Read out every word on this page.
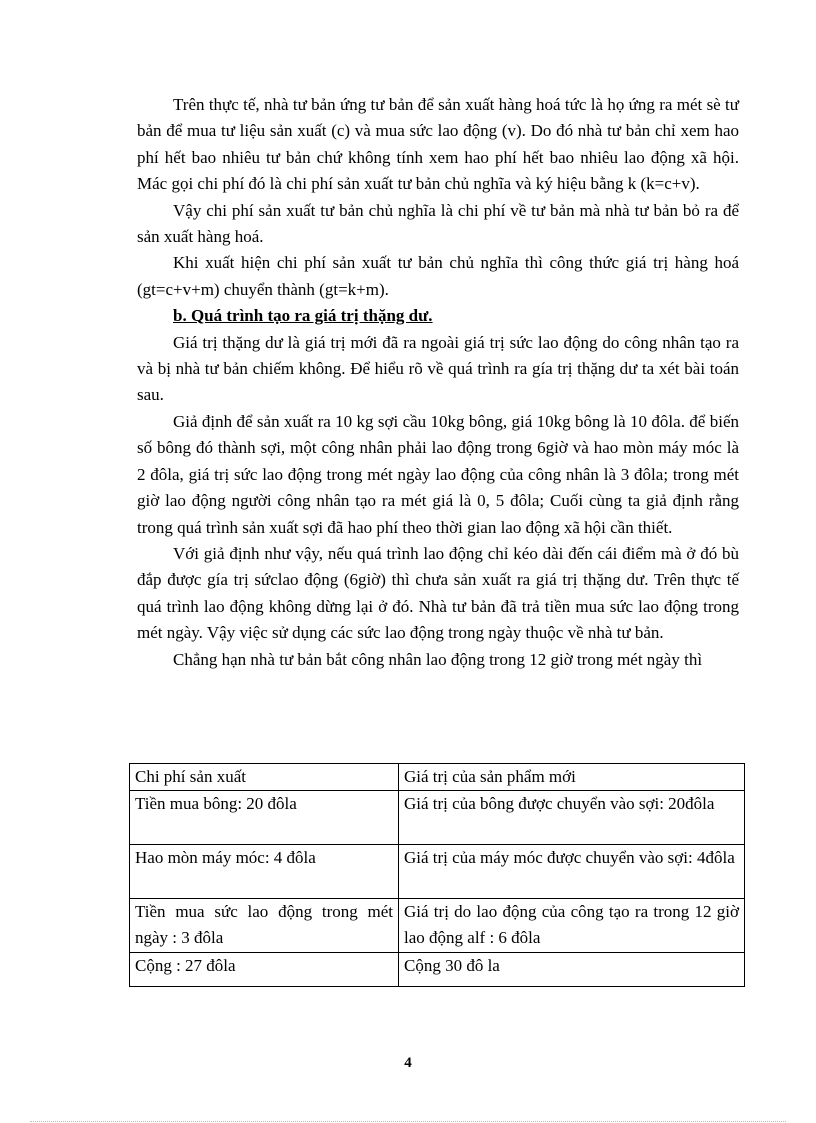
Trên thực tế, nhà tư bản ứng tư bản để sản xuất hàng hoá tức là họ ứng ra mét sè tư bản để mua tư liệu sản xuất (c) và mua sức lao động (v). Do đó nhà tư bản chỉ xem hao phí hết bao nhiêu tư bản chứ không tính xem hao phí hết bao nhiêu lao động xã hội. Mác gọi chi phí đó là chi phí sản xuất tư bản chủ nghĩa và ký hiệu bằng k (k=c+v).

Vậy chi phí sản xuất tư bản chủ nghĩa là chi phí về tư bản mà nhà tư bản bỏ ra để sản xuất hàng hoá.

Khi xuất hiện chi phí sản xuất tư bản chủ nghĩa thì công thức giá trị hàng hoá (gt=c+v+m) chuyển thành (gt=k+m).

b. Quá trình tạo ra giá trị thặng dư.

Giá trị thặng dư là giá trị mới đã ra ngoài giá trị sức lao động do công nhân tạo ra và bị nhà tư bản chiếm không. Để hiểu rõ về quá trình ra gía trị thặng dư ta xét bài toán sau.

Giả định để sản xuất ra 10 kg sợi cầu 10kg bông, giá 10kg bông là 10 đôla. để biến số bông đó thành sợi, một công nhân phải lao động trong 6giờ và hao mòn máy móc là 2 đôla, giá trị sức lao động trong mét ngày lao động của công nhân là 3 đôla; trong mét giờ lao động người công nhân tạo ra mét giá là 0, 5 đôla; Cuối cùng ta giả định rằng trong quá trình sản xuất sợi đã hao phí theo thời gian lao động xã hội cần thiết.

Với giả định như vậy, nếu quá trình lao động chỉ kéo dài đến cái điểm mà ở đó bù đắp được gía trị sứclao động (6giờ) thì chưa sản xuất ra giá trị thặng dư. Trên thực tế quá trình lao động không dừng lại ở đó. Nhà tư bản đã trả tiền mua sức lao động trong mét ngày. Vậy việc sử dụng các sức lao động trong ngày thuộc về nhà tư bản.

Chẳng hạn nhà tư bản bắt công nhân lao động trong 12 giờ trong mét ngày thì

Chi phí sản xuất	Giá trị của sản phẩm mới
Tiền mua bông: 20 đôla	Giá trị của bông được chuyển vào sợi: 20đôla
Hao mòn máy móc: 4 đôla	Giá trị của máy móc được chuyển vào sợi: 4đôla
Tiền mua sức lao động trong mét ngày : 3 đôla	Giá trị do lao động của công tạo ra trong 12 giờ lao động alf : 6 đôla
Cộng : 27 đôla	Cộng 30 đô la
4
